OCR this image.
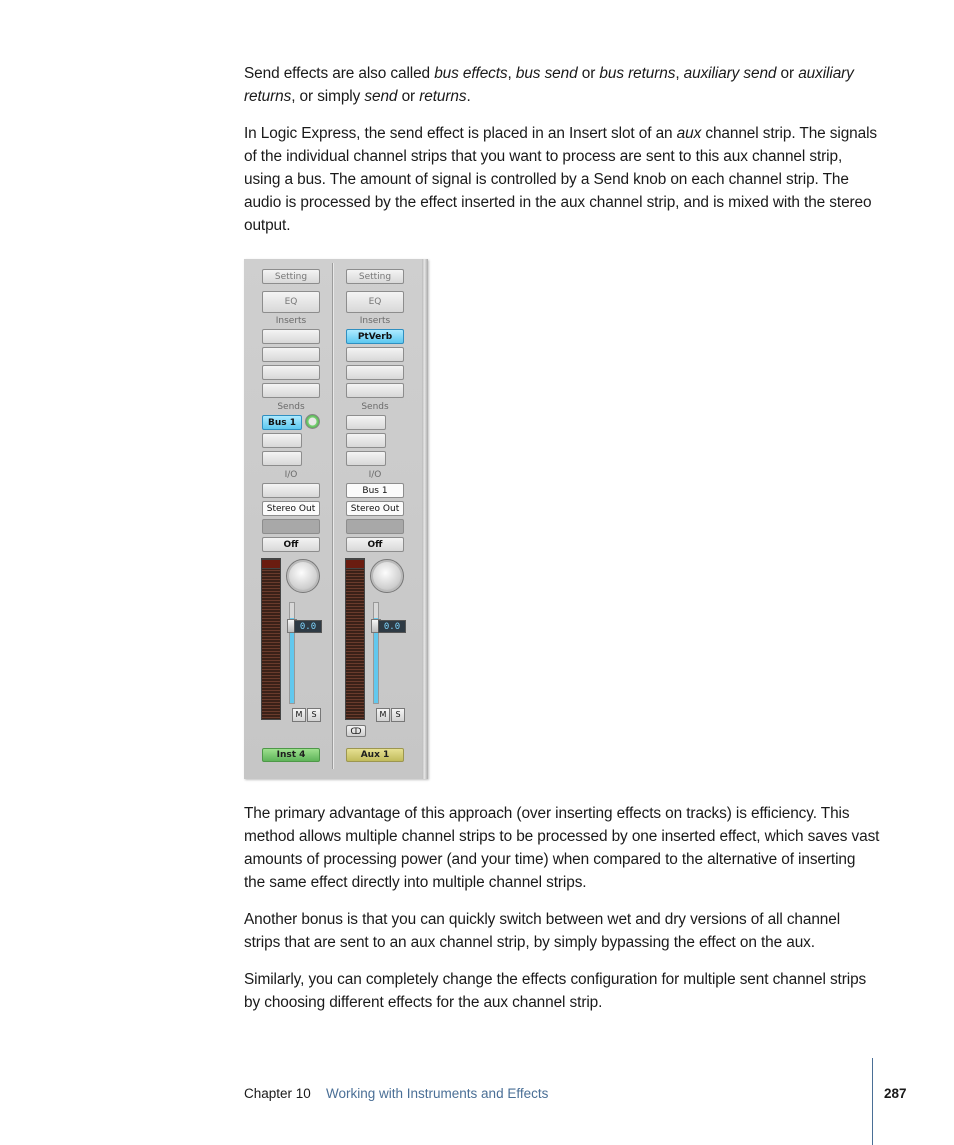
Send effects are also called bus effects, bus send or bus returns, auxiliary send or auxiliary returns, or simply send or returns.

In Logic Express, the send effect is placed in an Insert slot of an aux channel strip. The signals of the individual channel strips that you want to process are sent to this aux channel strip, using a bus. The amount of signal is controlled by a Send knob on each channel strip. The audio is processed by the effect inserted in the aux channel strip, and is mixed with the stereo output.

Setting
EQ
Inserts
Sends
Bus 1
I/O
Stereo Out
Off
0.0
M	S
Inst 4
Setting
EQ
Inserts
PtVerb
Sends
I/O
Bus 1
Stereo Out
Off
0.0
M	S
ↀ
Aux 1

The primary advantage of this approach (over inserting effects on tracks) is efficiency. This method allows multiple channel strips to be processed by one inserted effect, which saves vast amounts of processing power (and your time) when compared to the alternative of inserting the same effect directly into multiple channel strips.

Another bonus is that you can quickly switch between wet and dry versions of all channel strips that are sent to an aux channel strip, by simply bypassing the effect on the aux.

Similarly, you can completely change the effects configuration for multiple sent channel strips by choosing different effects for the aux channel strip.

Chapter 10 Working with Instruments and Effects	287
